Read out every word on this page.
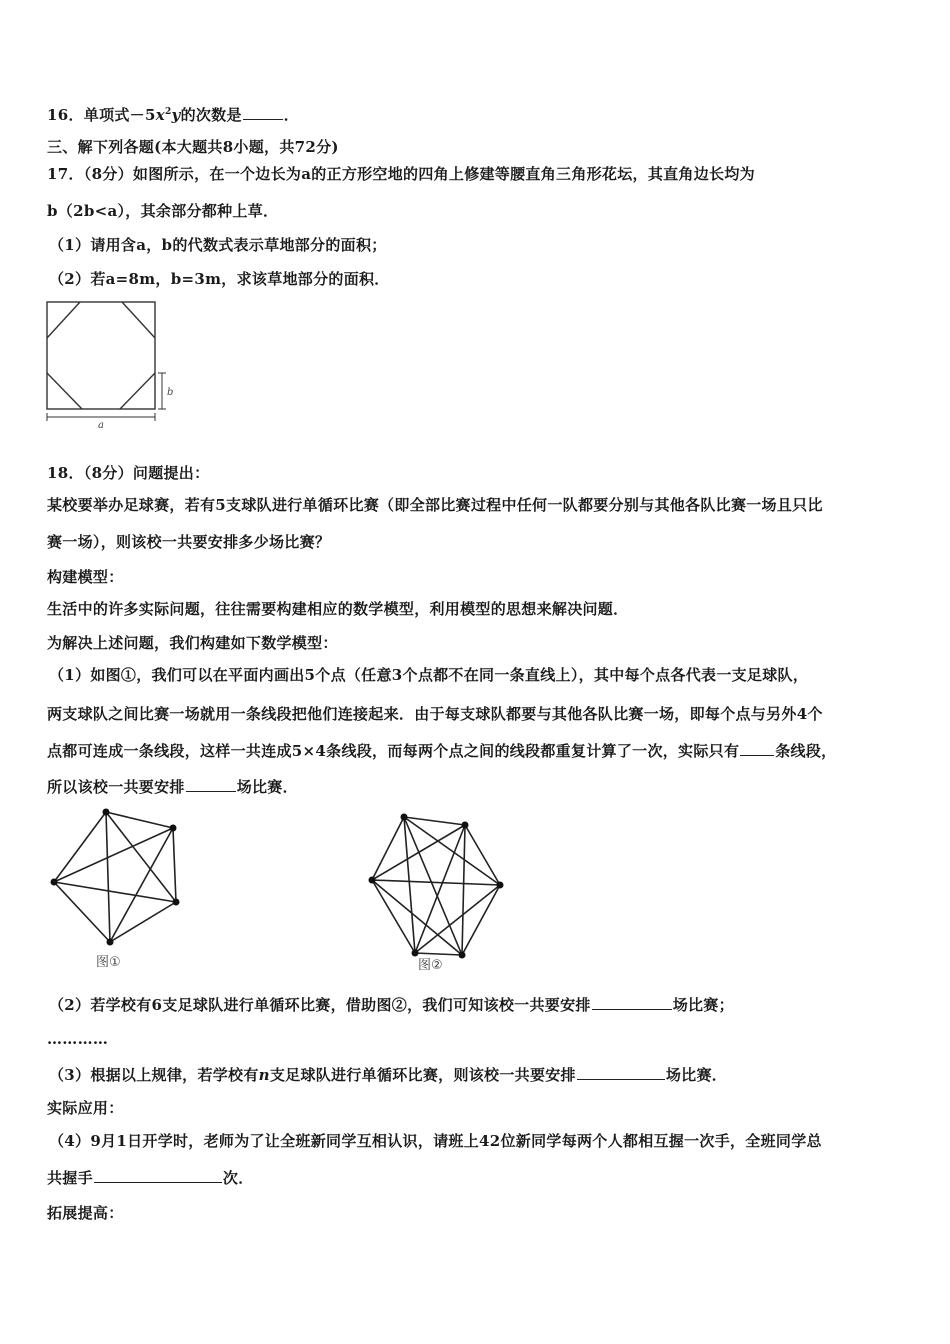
16．单项式$-5x^2y$的次数是	．
三、解下列各题(本大题共8小题，共72分)
17．（8分）如图所示，在一个边长为a的正方形空地的四角上修建等腰直角三角形花坛，其直角边长均为
b（2b<a），其余部分都种上草．
（1）请用含a，b的代数式表示草地部分的面积；
（2）若a=8m，b=3m，求该草地部分的面积．
b
a
18．（8分）问题提出：
某校要举办足球赛，若有5支球队进行单循环比赛（即全部比赛过程中任何一队都要分别与其他各队比赛一场且只比
赛一场），则该校一共要安排多少场比赛？
构建模型：
生活中的许多实际问题，往往需要构建相应的数学模型，利用模型的思想来解决问题．
为解决上述问题，我们构建如下数学模型：
（1）如图①，我们可以在平面内画出5个点（任意3个点都不在同一条直线上），其中每个点各代表一支足球队，
两支球队之间比赛一场就用一条线段把他们连接起来．由于每支球队都要与其他各队比赛一场，即每个点与另外4个
点都可连成一条线段，这样一共连成5×4条线段，而每两个点之间的线段都重复计算了一次，实际只有 条线段，
所以该校一共要安排	场比赛．
图①	图②
（2）若学校有6支足球队进行单循环比赛，借助图②，我们可知该校一共要安排	场比赛；
…………
（3）根据以上规律，若学校有n支足球队进行单循环比赛，则该校一共要安排	场比赛．
实际应用：
（4）9月1日开学时，老师为了让全班新同学互相认识，请班上42位新同学每两个人都相互握一次手，全班同学总
共握手	次．
拓展提高：
